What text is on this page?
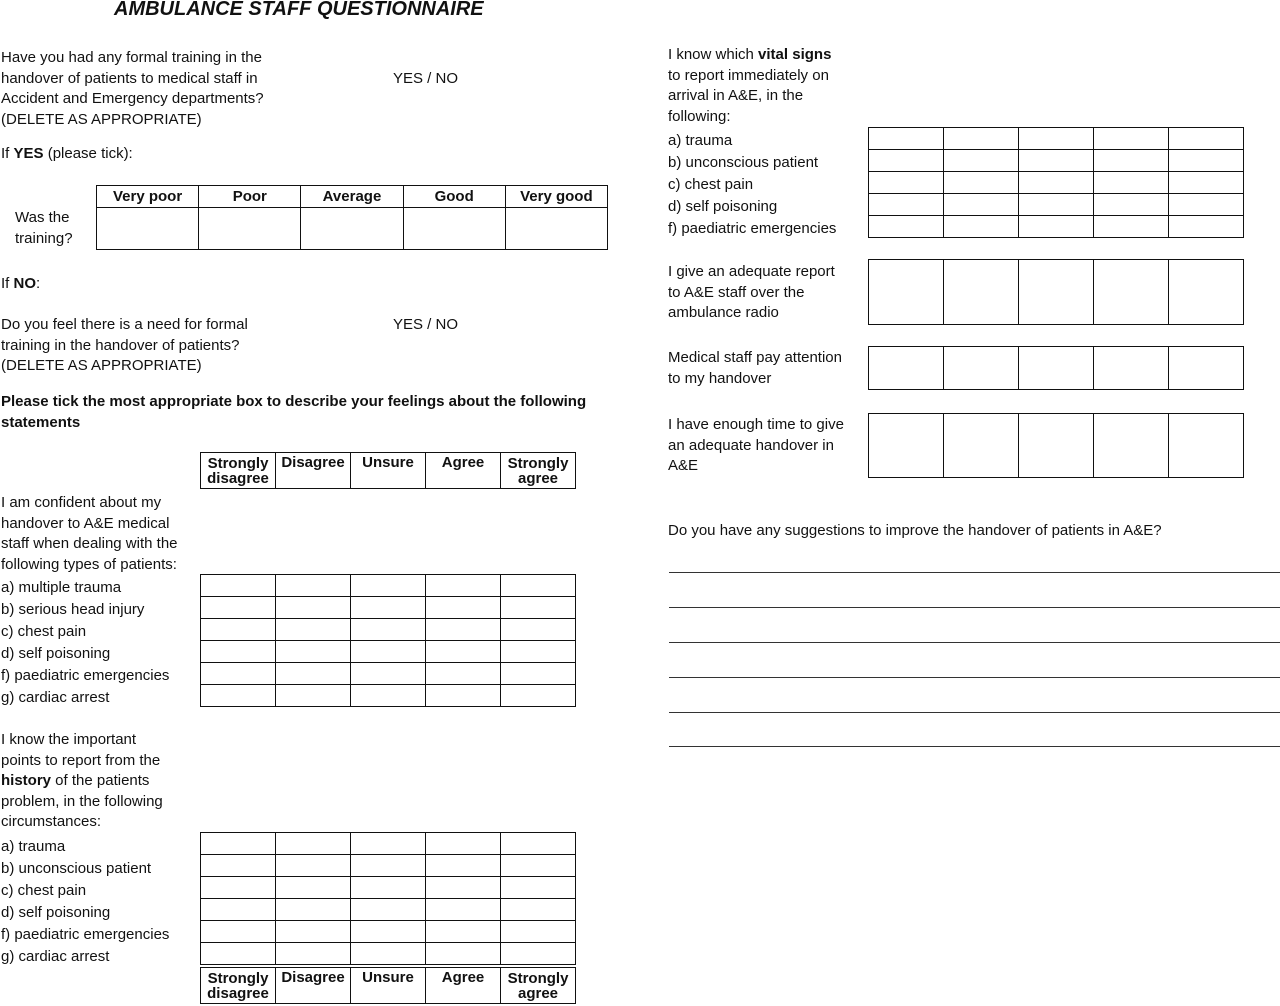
AMBULANCE STAFF QUESTIONNAIRE
Have you had any formal training in the
handover of patients to medical staff in
Accident and Emergency departments?
(DELETE AS APPROPRIATE)
YES / NO
If YES (please tick):
Was the
training?
Very poor	Poor	Average	Good	Very good

If NO:
Do you feel there is a need for formal
training in the handover of patients?
(DELETE AS APPROPRIATE)
YES / NO
Please tick the most appropriate box to describe your feelings about the following
statements
Strongly
disagree	Disagree	Unsure	Agree	Strongly
agree
I am confident about my
handover to A&E medical
staff when dealing with the
following types of patients:
a) multiple trauma
b) serious head injury
c) chest pain
d) self poisoning
f) paediatric emergencies
g) cardiac arrest

I know the important
points to report from the
history of the patients
problem, in the following
circumstances:
a) trauma
b) unconscious patient
c) chest pain
d) self poisoning
f) paediatric emergencies
g) cardiac arrest

Strongly
disagree	Disagree	Unsure	Agree	Strongly
agree
I know which vital signs
to report immediately on
arrival in A&E, in the
following:
a) trauma
b) unconscious patient
c) chest pain
d) self poisoning
f) paediatric emergencies

I give an adequate report
to A&E staff over the
ambulance radio

Medical staff pay attention
to my handover

I have enough time to give
an adequate handover in
A&E

Do you have any suggestions to improve the handover of patients in A&E?
